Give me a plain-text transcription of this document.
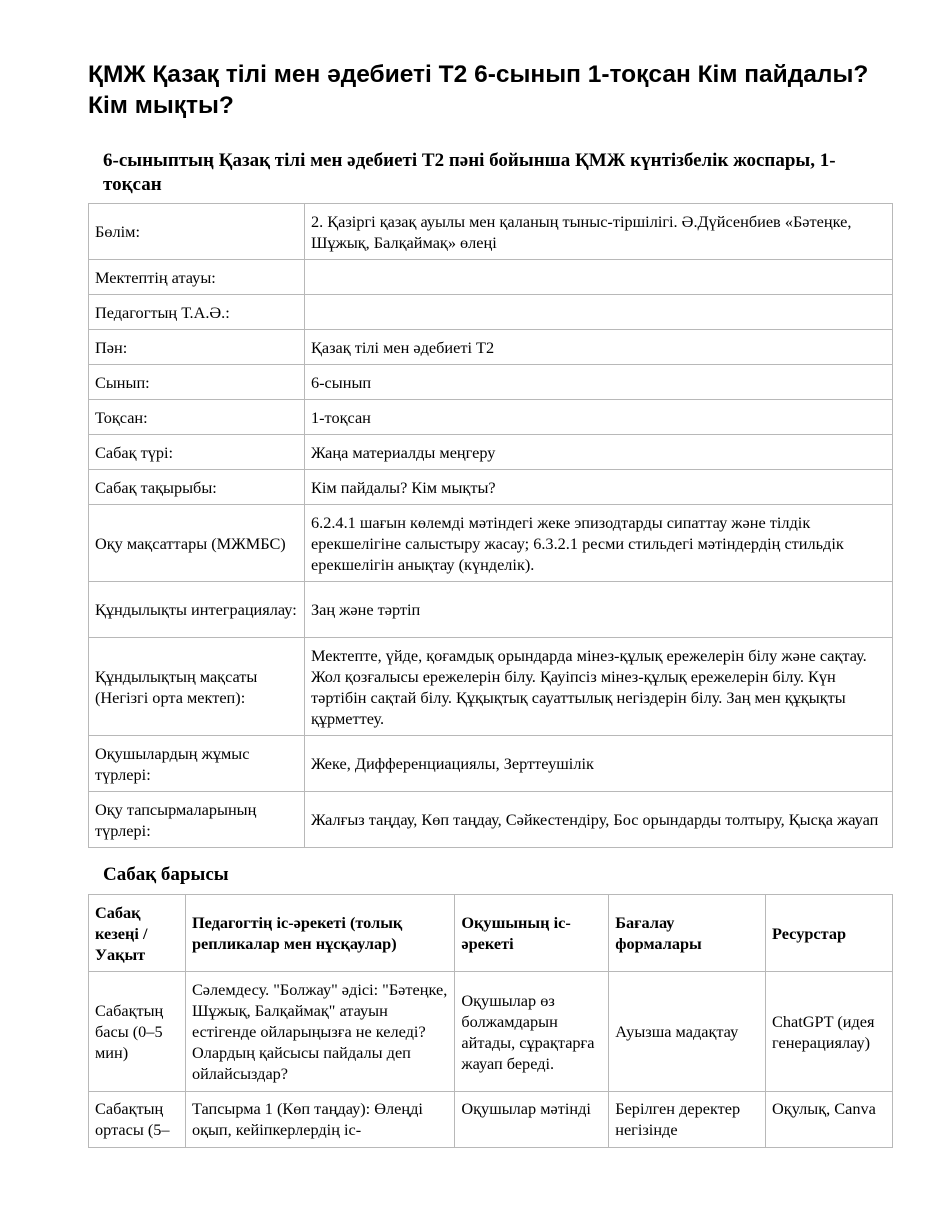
ҚМЖ Қазақ тілі мен әдебиеті Т2 6-сынып 1-тоқсан Кім пайдалы? Кім мықты?
6-сыныптың Қазақ тілі мен әдебиеті Т2 пәні бойынша ҚМЖ күнтізбелік жоспары, 1-тоқсан
Бөлім:	2. Қазіргі қазақ ауылы мен қаланың тыныс-тіршілігі. Ә.Дүйсенбиев «Бәтеңке, Шұжық, Балқаймақ» өлеңі
Мектептің атауы:	
Педагогтың Т.А.Ә.:	
Пән:	Қазақ тілі мен әдебиеті Т2
Сынып:	6-сынып
Тоқсан:	1-тоқсан
Сабақ түрі:	Жаңа материалды меңгеру
Сабақ тақырыбы:	Кім пайдалы? Кім мықты?
Оқу мақсаттары (МЖМБС)	6.2.4.1 шағын көлемді мәтіндегі жеке эпизодтарды сипаттау және тілдік ерекшелігіне салыстыру жасау; 6.3.2.1 ресми стильдегі мәтіндердің стильдік ерекшелігін анықтау (күнделік).
Құндылықты интеграциялау:	Заң және тәртіп
Құндылықтың мақсаты (Негізгі орта мектеп):	Мектепте, үйде, қоғамдық орындарда мінез-құлық ережелерін білу және сақтау. Жол қозғалысы ережелерін білу. Қауіпсіз мінез-құлық ережелерін білу. Күн тәртібін сақтай білу. Құқықтық сауаттылық негіздерін білу. Заң мен құқықты құрметтеу.
Оқушылардың жұмыс түрлері:	Жеке, Дифференциациялы, Зерттеушілік
Оқу тапсырмаларының түрлері:	Жалғыз таңдау, Көп таңдау, Сәйкестендіру, Бос орындарды толтыру, Қысқа жауап
Сабақ барысы
Сабақ кезеңі / Уақыт	Педагогтің іс-әрекеті (толық репликалар мен нұсқаулар)	Оқушының іс-әрекеті	Бағалау формалары	Ресурстар
Сабақтың басы (0–5 мин)	Сәлемдесу. "Болжау" әдісі: "Бәтеңке, Шұжық, Балқаймақ" атауын естігенде ойларыңызға не келеді? Олардың қайсысы пайдалы деп ойлайсыздар?	Оқушылар өз болжамдарын айтады, сұрақтарға жауап береді.	Ауызша мадақтау	ChatGPT (идея генерациялау)
Сабақтың ортасы (5–	Тапсырма 1 (Көп таңдау): Өлеңді оқып, кейіпкерлердің іс-	Оқушылар мәтінді	Берілген деректер негізінде	Оқулық, Canva
